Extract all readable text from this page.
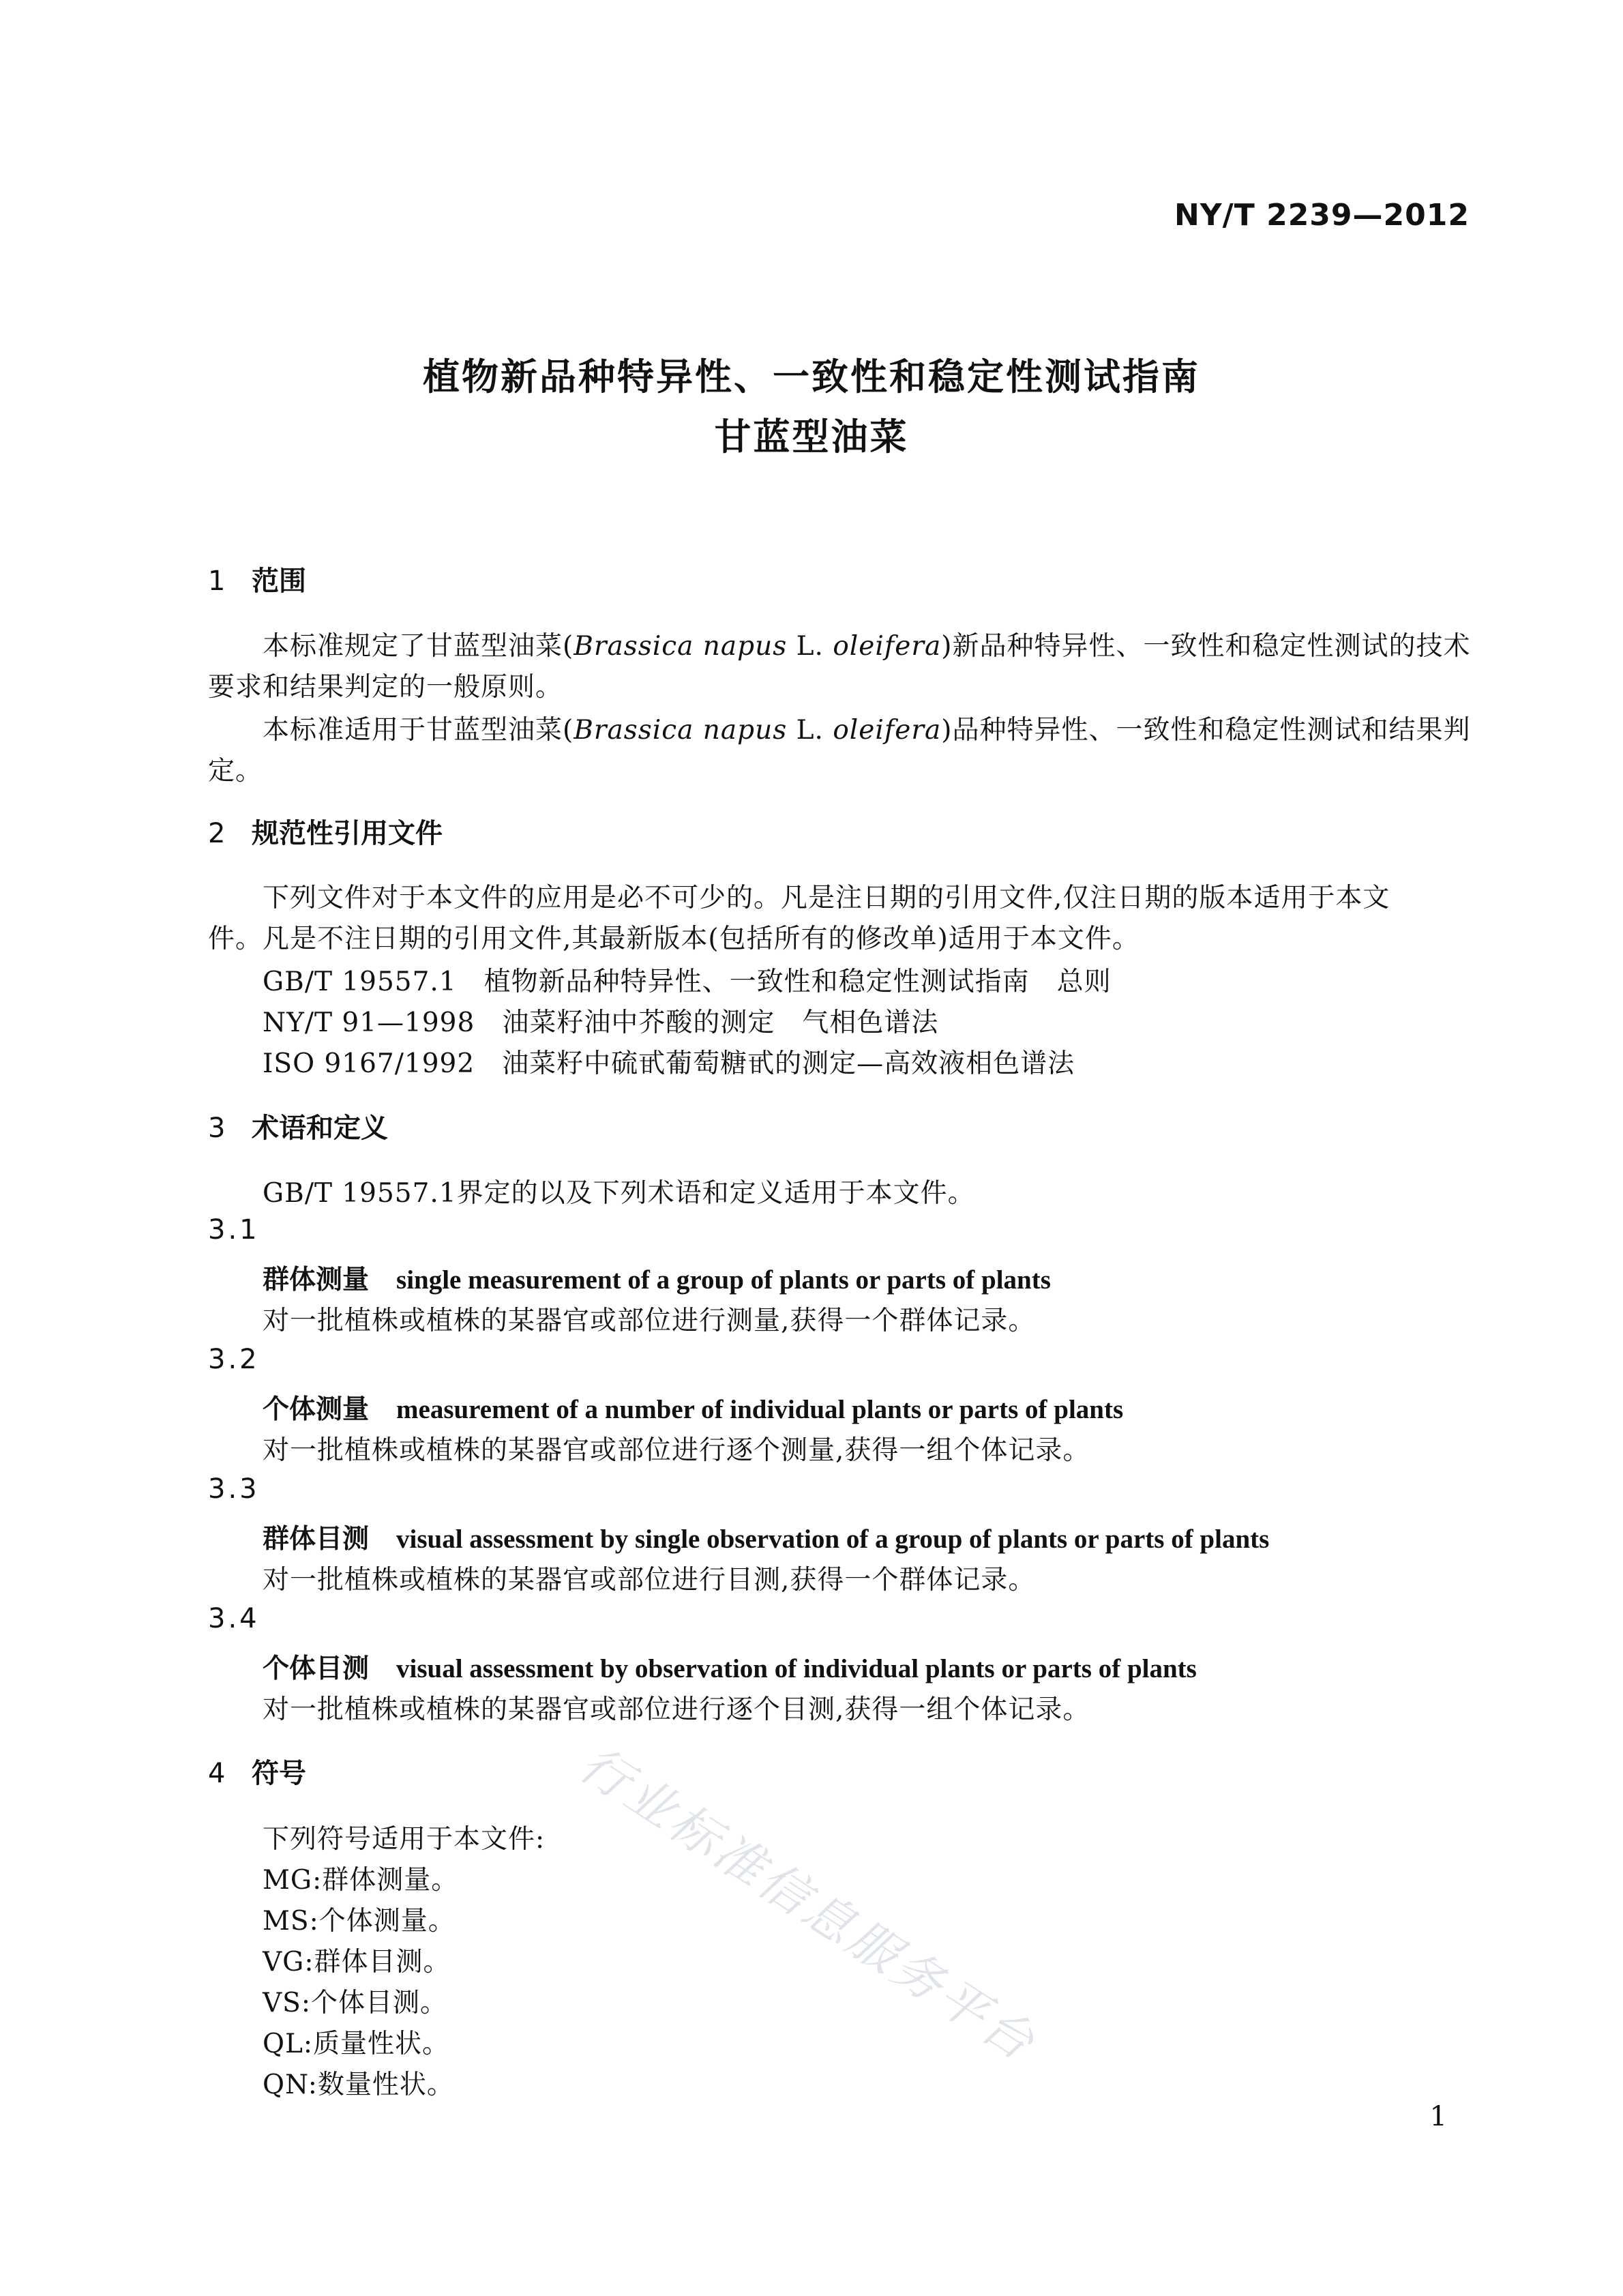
NY/T 2239—2012
植物新品种特异性、一致性和稳定性测试指南
甘蓝型油菜
1 范围
本标准规定了甘蓝型油菜(Brassica napus L. oleifera)新品种特异性、一致性和稳定性测试的技术
要求和结果判定的一般原则。
本标准适用于甘蓝型油菜(Brassica napus L. oleifera)品种特异性、一致性和稳定性测试和结果判
定。
2 规范性引用文件
下列文件对于本文件的应用是必不可少的。凡是注日期的引用文件,仅注日期的版本适用于本文
件。凡是不注日期的引用文件,其最新版本(包括所有的修改单)适用于本文件。
GB/T 19557.1 植物新品种特异性、一致性和稳定性测试指南　总则
NY/T 91—1998 油菜籽油中芥酸的测定　气相色谱法
ISO 9167/1992 油菜籽中硫甙葡萄糖甙的测定—高效液相色谱法
3 术语和定义
GB/T 19557.1界定的以及下列术语和定义适用于本文件。
3.1
群体测量 single measurement of a group of plants or parts of plants
对一批植株或植株的某器官或部位进行测量,获得一个群体记录。
3.2
个体测量 measurement of a number of individual plants or parts of plants
对一批植株或植株的某器官或部位进行逐个测量,获得一组个体记录。
3.3
群体目测 visual assessment by single observation of a group of plants or parts of plants
对一批植株或植株的某器官或部位进行目测,获得一个群体记录。
3.4
个体目测 visual assessment by observation of individual plants or parts of plants
对一批植株或植株的某器官或部位进行逐个目测,获得一组个体记录。
4 符号
下列符号适用于本文件:
MG:群体测量。
MS:个体测量。
VG:群体目测。
VS:个体目测。
QL:质量性状。
QN:数量性状。
行业标准信息服务平台
1
